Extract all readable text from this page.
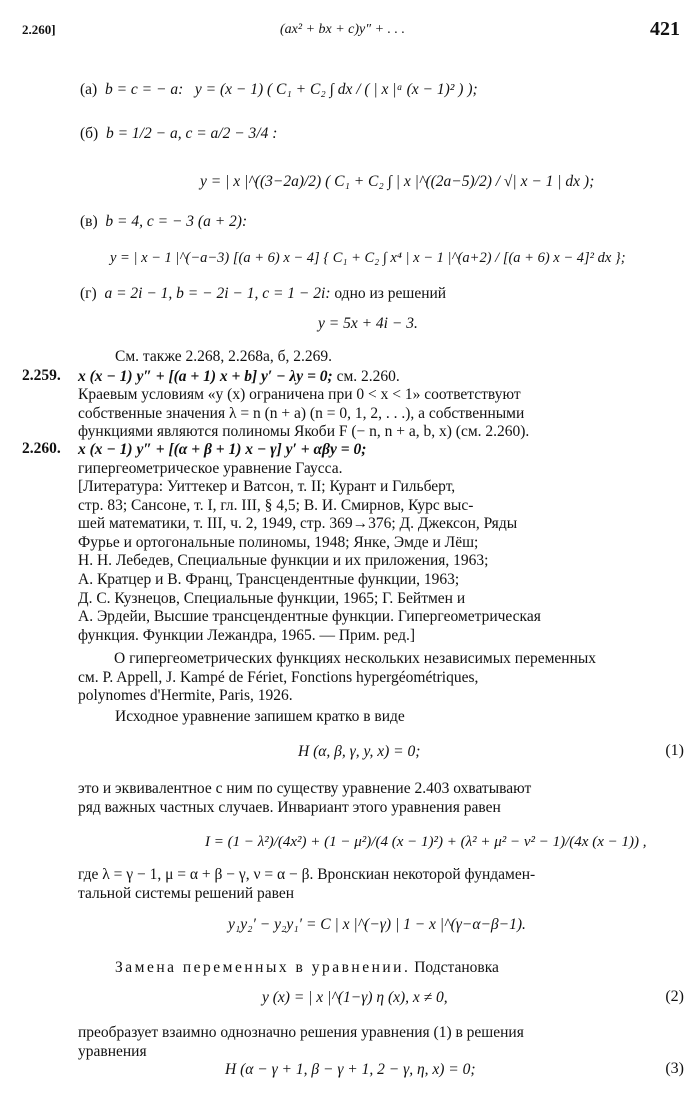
2.260]	(ax² + bx + c)y″ + . . .	421
(а) b = c = − a: y = (x − 1) ( C₁ + C₂ ∫ dx / ( | x |ᵃ (x − 1)² ) );
(б) b = 1/2 − a, c = a/2 − 3/4 :
y = | x |^((3−2a)/2) ( C₁ + C₂ ∫ | x |^((2a−5)/2) / √| x − 1 | dx );
(в) b = 4, c = − 3 (a + 2):
y = | x − 1 |^(−a−3) [(a + 6) x − 4] { C₁ + C₂ ∫ x⁴ | x − 1 |^(a+2) / [(a + 6) x − 4]² dx };
(г) a = 2i − 1, b = − 2i − 1, c = 1 − 2i: одно из решений
y = 5x + 4i − 3.
См. также 2.268, 2.268а, б, 2.269.
2.259. x (x − 1) y″ + [(a + 1) x + b] y′ − λy = 0; см. 2.260.
Краевым условиям «y (x) ограничена при 0 < x < 1» соответствуют
собственные значения λ = n (n + a) (n = 0, 1, 2, . . .), а собственными
функциями являются полиномы Якоби F (− n, n + a, b, x) (см. 2.260).
2.260. x (x − 1) y″ + [(α + β + 1) x − γ] y′ + αβy = 0;
гипергеометрическое уравнение Гаусса.
[Литература: Уиттекер и Ватсон, т. II; Курант и Гильберт,
стр. 83; Сансоне, т. I, гл. III, § 4,5; В. И. Смирнов, Курс выс-
шей математики, т. III, ч. 2, 1949, стр. 369→376; Д. Джексон, Ряды
Фурье и ортогональные полиномы, 1948; Янке, Эмде и Лёш;
Н. Н. Лебедев, Специальные функции и их приложения, 1963;
А. Кратцер и В. Франц, Трансцендентные функции, 1963;
Д. С. Кузнецов, Специальные функции, 1965; Г. Бейтмен и
А. Эрдейи, Высшие трансцендентные функции. Гипергеометрическая
функция. Функции Лежандра, 1965. — Прим. ред.]
О гипергеометрических функциях нескольких независимых переменных
см. P. Appell, J. Kampé de Fériet, Fonctions hypergéométriques,
polynomes d'Hermite, Paris, 1926.
Исходное уравнение запишем кратко в виде
H (α, β, γ, y, x) = 0;	(1)
это и эквивалентное с ним по существу уравнение 2.403 охватывают
ряд важных частных случаев. Инвариант этого уравнения равен
I = (1 − λ²)/(4x²) + (1 − μ²)/(4 (x − 1)²) + (λ² + μ² − ν² − 1)/(4x (x − 1)) ,
где λ = γ − 1, μ = α + β − γ, ν = α − β. Вронскиан некоторой фундамен-
тальной системы решений равен
y₁y₂′ − y₂y₁′ = C | x |^(−γ) | 1 − x |^(γ−α−β−1).
Замена переменных в уравнении. Подстановка
y (x) = | x |^(1−γ) η (x), x ≠ 0,	(2)
преобразует взаимно однозначно решения уравнения (1) в решения
уравнения
H (α − γ + 1, β − γ + 1, 2 − γ, η, x) = 0;	(3)
